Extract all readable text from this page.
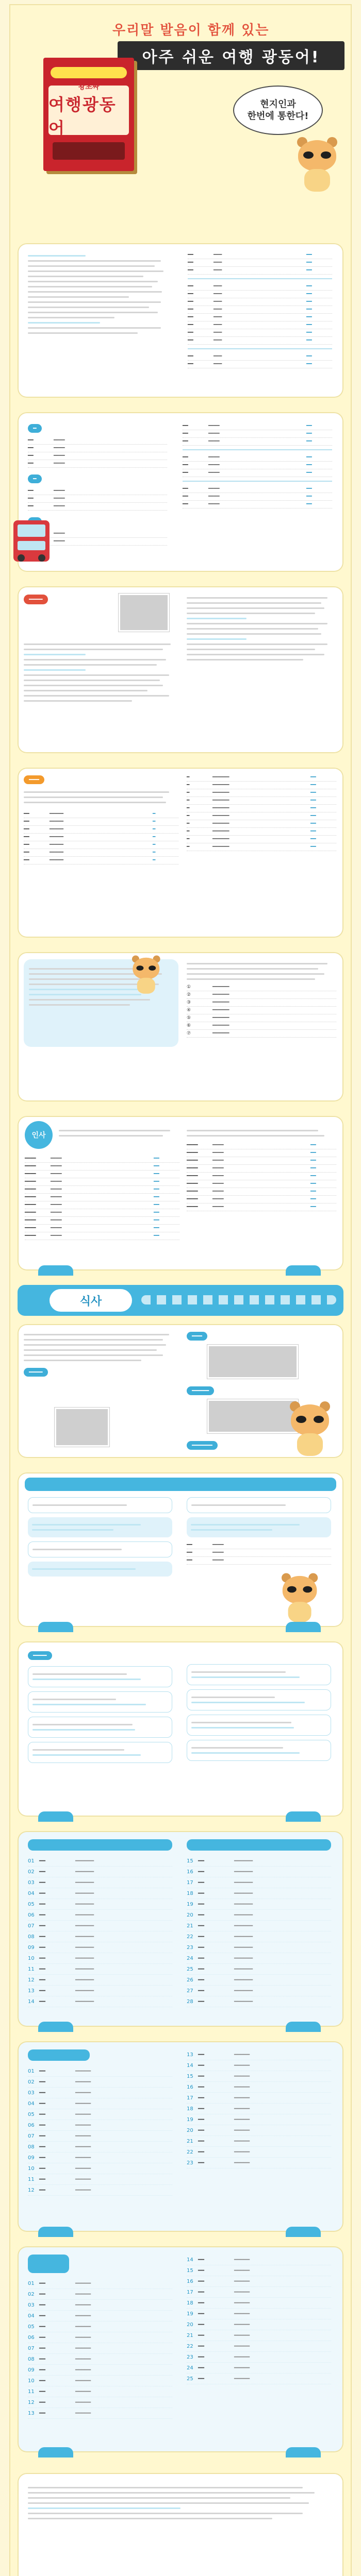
우리말 발음이 함께 있는
아주 쉬운 여행 광동어!
왕초짜
여행광동어
현지인과
한번에 통한다!
━━	━━━	━━
━━	━━━	━━
━━	━━━	━━
━━	━━━	━━
━━	━━━	━━
━━	━━━	━━
━━	━━━	━━
━━	━━━	━━
━━	━━━	━━
━━	━━━	━━
━━	━━━	━━
━━	━━━	━━
━━	━━━	━━
━
━━	━━━━
━━	━━━━
━━	━━━━
━━	━━━━
━
━━	━━━━
━━	━━━━
━━	━━━━
━━━━
━━━━
━━	━━━━	━━
━━	━━━━	━━
━━	━━━━	━━
━━	━━━━	━━
━━	━━━━	━━
━━	━━━━	━━
━━	━━━━	━━
━━	━━━━	━━
━━	━━━━	━━
━━━━
━━━
━━	━━━━━	━
━━	━━━━━	━
━━	━━━━━	━
━━	━━━━━	━
━━	━━━━━	━
━━	━━━━━	━
━━	━━━━━	━
━	━━━━━━	━━
━	━━━━━━	━━
━	━━━━━━	━━
━	━━━━━━	━━
━	━━━━━━	━━
━	━━━━━━	━━
━	━━━━━━	━━
━	━━━━━━	━━
━	━━━━━━	━━
━	━━━━━━	━━
①	━━━━━━
②	━━━━━━
③	━━━━━━
④	━━━━━━
⑤	━━━━━━
⑥	━━━━━━
⑦	━━━━━━
인사
━━━━	━━━━	━━
━━━━	━━━━	━━
━━━━	━━━━	━━
━━━━	━━━━	━━
━━━━	━━━━	━━
━━━━	━━━━	━━
━━━━	━━━━	━━
━━━━	━━━━	━━
━━━━	━━━━	━━
━━━━	━━━━	━━
━━━━	━━━━	━━
━━━━	━━━━	━━
━━━━	━━━━	━━
━━━━	━━━━	━━
━━━━	━━━━	━━
━━━━	━━━━	━━
━━━━	━━━━	━━
━━━━	━━━━	━━
━━━━	━━━━	━━
━━━━	━━━━	━━
식사
━━━━
━━━
━━━━━
━━━━━━
━━	━━━━
━━	━━━━
━━	━━━━
━━━━
01 ━━	━━━━━━
02 ━━	━━━━━━
03 ━━	━━━━━━
04 ━━	━━━━━━
05 ━━	━━━━━━
06 ━━	━━━━━━
07 ━━	━━━━━━
08 ━━	━━━━━━
09 ━━	━━━━━━
10 ━━	━━━━━━
11 ━━	━━━━━━
12 ━━	━━━━━━
13 ━━	━━━━━━
14 ━━	━━━━━━
15 ━━	━━━━━━
16 ━━	━━━━━━
17 ━━	━━━━━━
18 ━━	━━━━━━
19 ━━	━━━━━━
20 ━━	━━━━━━
21 ━━	━━━━━━
22 ━━	━━━━━━
23 ━━	━━━━━━
24 ━━	━━━━━━
25 ━━	━━━━━━
26 ━━	━━━━━━
27 ━━	━━━━━━
28 ━━	━━━━━━
01 ━━	━━━━━
02 ━━	━━━━━
03 ━━	━━━━━
04 ━━	━━━━━
05 ━━	━━━━━
06 ━━	━━━━━
07 ━━	━━━━━
08 ━━	━━━━━
09 ━━	━━━━━
10 ━━	━━━━━
11 ━━	━━━━━
12 ━━	━━━━━
13 ━━	━━━━━
14 ━━	━━━━━
15 ━━	━━━━━
16 ━━	━━━━━
17 ━━	━━━━━
18 ━━	━━━━━
19 ━━	━━━━━
20 ━━	━━━━━
21 ━━	━━━━━
22 ━━	━━━━━
23 ━━	━━━━━
01 ━━	━━━━━
02 ━━	━━━━━
03 ━━	━━━━━
04 ━━	━━━━━
05 ━━	━━━━━
06 ━━	━━━━━
07 ━━	━━━━━
08 ━━	━━━━━
09 ━━	━━━━━
10 ━━	━━━━━
11 ━━	━━━━━
12 ━━	━━━━━
13 ━━	━━━━━
14 ━━	━━━━━
15 ━━	━━━━━
16 ━━	━━━━━
17 ━━	━━━━━
18 ━━	━━━━━
19 ━━	━━━━━
20 ━━	━━━━━
21 ━━	━━━━━
22 ━━	━━━━━
23 ━━	━━━━━
24 ━━	━━━━━
25 ━━	━━━━━
